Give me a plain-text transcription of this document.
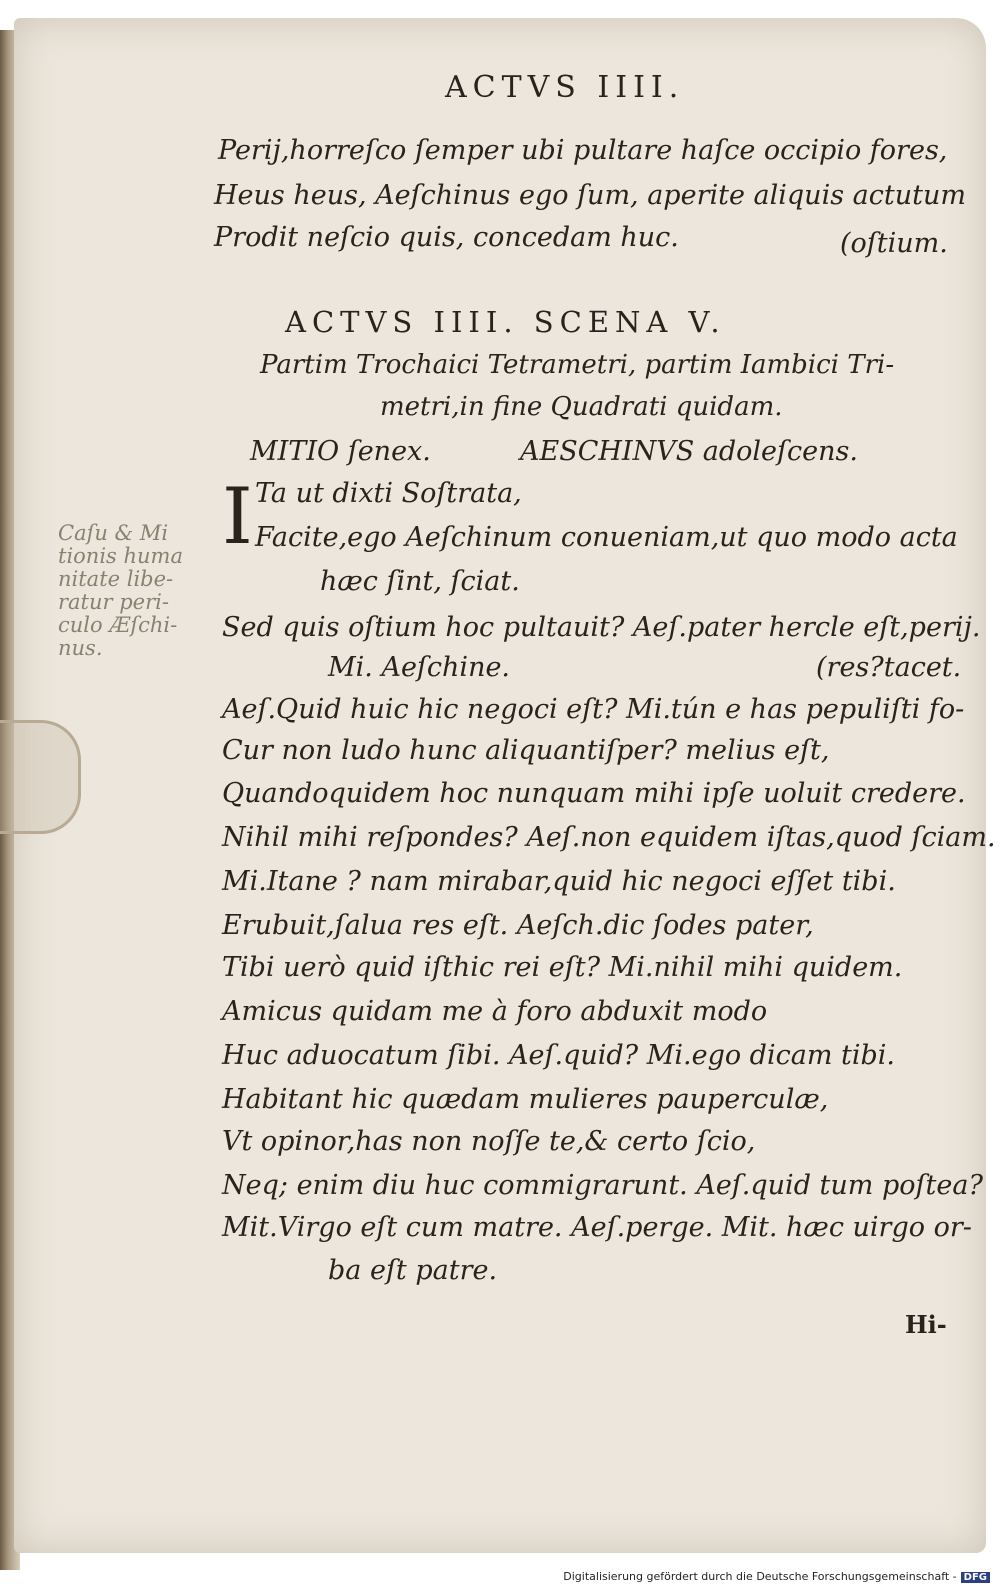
ACTVS IIII.
Perij,horreſco ſemper ubi pultare haſce occipio fores,
Heus heus, Aeſchinus ego ſum, aperite aliquis actutum
Prodit neſcio quis, concedam huc.	(oſtium.
ACTVS IIII. SCENA V.
Partim Trochaici Tetrametri, partim Iambici Tri-
metri,in fine Quadrati quidam.
MITIO ſenex.	AESCHINVS adoleſcens.
I Ta ut dixti Soſtrata,
Facite,ego Aeſchinum conueniam,ut quo modo acta
hæc ſint, ſciat.
Sed quis oſtium hoc pultauit? Aeſ.pater hercle eſt,perij.
Mi. Aeſchine.	(res?tacet.
Aeſ.Quid huic hic negoci eſt? Mi.tún e has pepuliſti fo-
Cur non ludo hunc aliquantiſper? melius eſt,
Quandoquidem hoc nunquam mihi ipſe uoluit credere.
Nihil mihi reſpondes? Aeſ.non equidem iſtas,quod ſciam.
Mi.Itane ? nam mirabar,quid hic negoci eſſet tibi.
Erubuit,ſalua res eſt. Aeſch.dic ſodes pater,
Tibi uerò quid iſthic rei eſt? Mi.nihil mihi quidem.
Amicus quidam me à foro abduxit modo
Huc aduocatum ſibi. Aeſ.quid? Mi.ego dicam tibi.
Habitant hic quædam mulieres pauperculæ,
Vt opinor,has non noſſe te,& certo ſcio,
Neq; enim diu huc commigrarunt. Aeſ.quid tum poſtea?
Mit.Virgo eſt cum matre. Aeſ.perge. Mit. hæc uirgo or-
ba eſt patre.
Caſu & Mi
tionis huma
nitate libe-
ratur peri-
culo Æſchi-
nus.
Hi-
Digitalisierung gefördert durch die Deutsche Forschungsgemeinschaft - DFG
